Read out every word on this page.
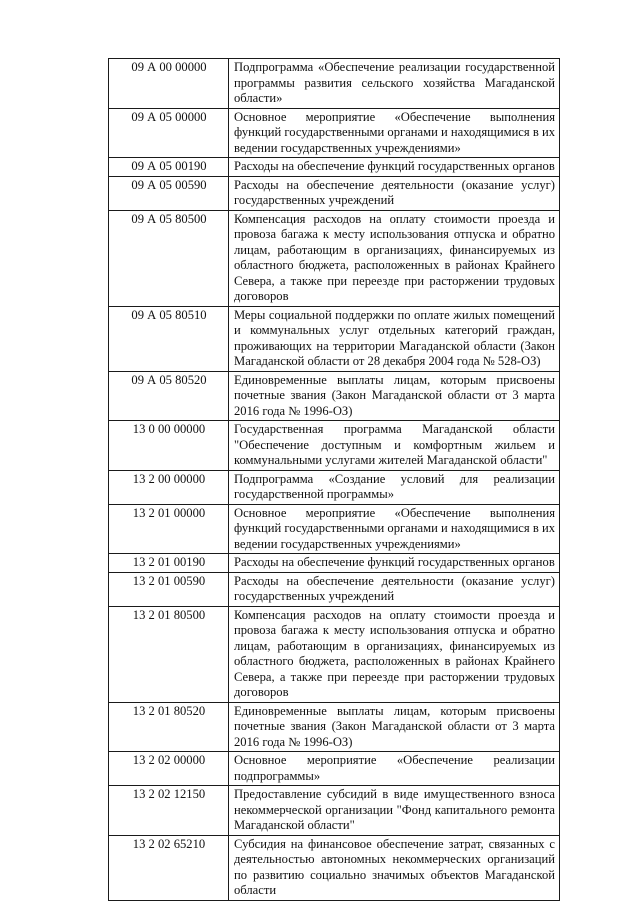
09 А 00 00000	Подпрограмма «Обеспечение реализации государственной программы развития сельского хозяйства Магаданской области»
09 А 05 00000	Основное мероприятие «Обеспечение выполнения функций государственными органами и находящимися в их ведении государственных учреждениями»
09 А 05 00190	Расходы на обеспечение функций государственных органов
09 А 05 00590	Расходы на обеспечение деятельности (оказание услуг) государственных учреждений
09 А 05 80500	Компенсация расходов на оплату стоимости проезда и провоза багажа к месту использования отпуска и обратно лицам, работающим в организациях, финансируемых из областного бюджета, расположенных в районах Крайнего Севера, а также при переезде при расторжении трудовых договоров
09 А 05 80510	Меры социальной поддержки по оплате жилых помещений и коммунальных услуг отдельных категорий граждан, проживающих на территории Магаданской области (Закон Магаданской области от 28 декабря 2004 года № 528-ОЗ)
09 А 05 80520	Единовременные выплаты лицам, которым присвоены почетные звания (Закон Магаданской области от 3 марта 2016 года № 1996-ОЗ)
13 0 00 00000	Государственная программа Магаданской области "Обеспечение доступным и комфортным жильем и коммунальными услугами жителей Магаданской области"
13 2 00 00000	Подпрограмма «Создание условий для реализации государственной программы»
13 2 01 00000	Основное мероприятие «Обеспечение выполнения функций государственными органами и находящимися в их ведении государственных учреждениями»
13 2 01 00190	Расходы на обеспечение функций государственных органов
13 2 01 00590	Расходы на обеспечение деятельности (оказание услуг) государственных учреждений
13 2 01 80500	Компенсация расходов на оплату стоимости проезда и провоза багажа к месту использования отпуска и обратно лицам, работающим в организациях, финансируемых из областного бюджета, расположенных в районах Крайнего Севера, а также при переезде при расторжении трудовых договоров
13 2 01 80520	Единовременные выплаты лицам, которым присвоены почетные звания (Закон Магаданской области от 3 марта 2016 года № 1996-ОЗ)
13 2 02 00000	Основное мероприятие «Обеспечение реализации подпрограммы»
13 2 02 12150	Предоставление субсидий в виде имущественного взноса некоммерческой организации "Фонд капитального ремонта Магаданской области"
13 2 02 65210	Субсидия на финансовое обеспечение затрат, связанных с деятельностью автономных некоммерческих организаций по развитию социально значимых объектов Магаданской области
